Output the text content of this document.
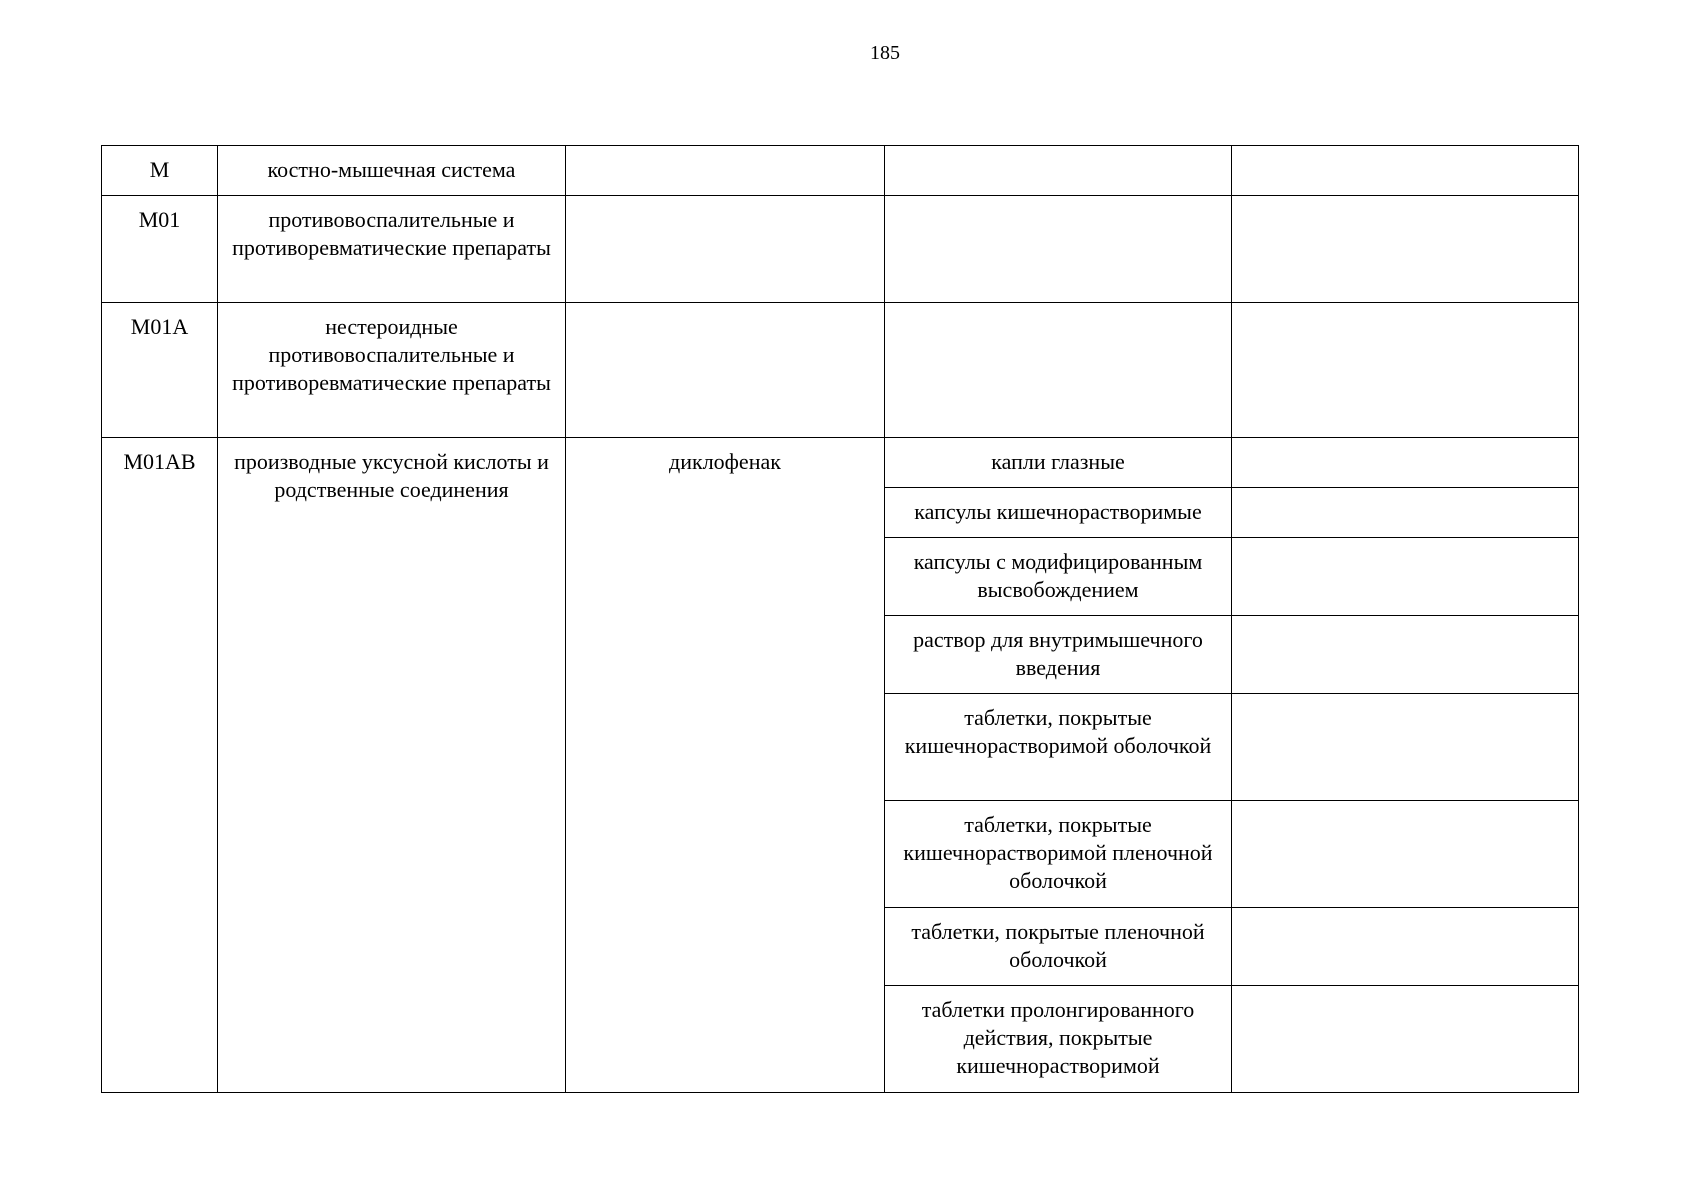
185
M	костно-мышечная система			
M01	противовоспалительные и противоревматические препараты			
M01A	нестероидные противовоспалительные и противоревматические препараты			
M01AB	производные уксусной кислоты и родственные соединения	диклофенак	капли глазные	
			капсулы кишечнорастворимые	
			капсулы с модифицированным высвобождением	
			раствор для внутримышечного введения	
			таблетки, покрытые кишечнорастворимой оболочкой	
			таблетки, покрытые кишечнорастворимой пленочной оболочкой	
			таблетки, покрытые пленочной оболочкой	
			таблетки пролонгированного действия, покрытые кишечнорастворимой	
